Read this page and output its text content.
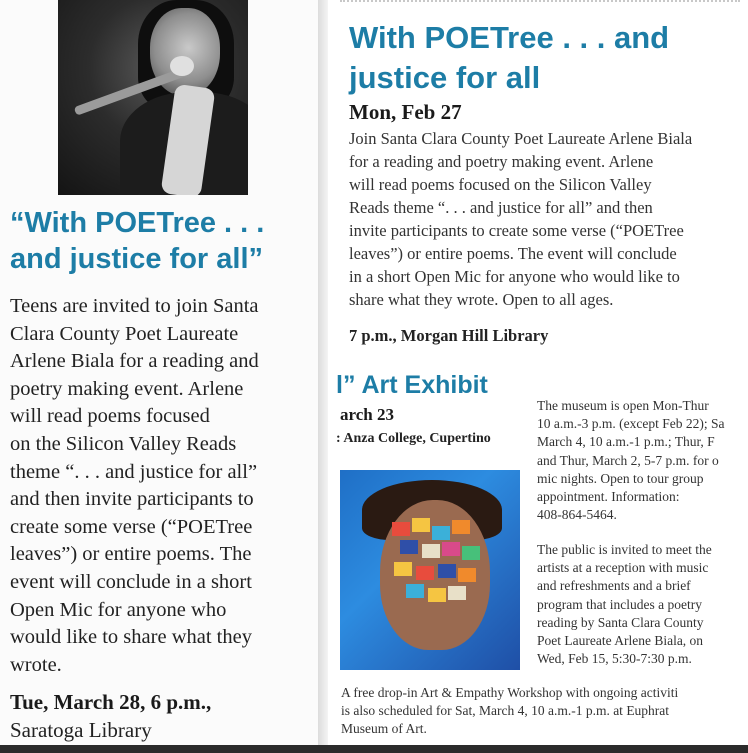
“With POETree . . .
and justice for all”
Teens are invited to join Santa
Clara County Poet Laureate
Arlene Biala for a reading and
poetry making event. Arlene
will read poems focused
on the Silicon Valley Reads
theme “. . . and justice for all”
and then invite participants to
create some verse (“POETree
leaves”) or entire poems. The
event will conclude in a short
Open Mic for anyone who
would like to share what they
wrote.

Tue, March 28, 6 p.m.,

Saratoga Library

With POETree . . . and
justice for all

Mon, Feb 27

Join Santa Clara County Poet Laureate Arlene Biala
for a reading and poetry making event. Arlene
will read poems focused on the Silicon Valley
Reads theme “. . . and justice for all” and then
invite participants to create some verse (“POETree
leaves”) or entire poems. The event will conclude
in a short Open Mic for anyone who would like to
share what they wrote. Open to all ages.

7 p.m., Morgan Hill Library

l” Art Exhibit

arch 23

: Anza College, Cupertino

The museum is open Mon-Thur
10 a.m.-3 p.m. (except Feb 22); Sa
March 4, 10 a.m.-1 p.m.; Thur, F
and Thur, March 2, 5-7 p.m. for o
mic nights. Open to tour group
appointment. Information:
408-864-5464.
The public is invited to meet the
artists at a reception with music
and refreshments and a brief
program that includes a poetry
reading by Santa Clara County
Poet Laureate Arlene Biala, on
Wed, Feb 15, 5:30-7:30 p.m.
A free drop-in Art & Empathy Workshop with ongoing activiti
is also scheduled for Sat, March 4, 10 a.m.-1 p.m. at Euphrat
Museum of Art.
